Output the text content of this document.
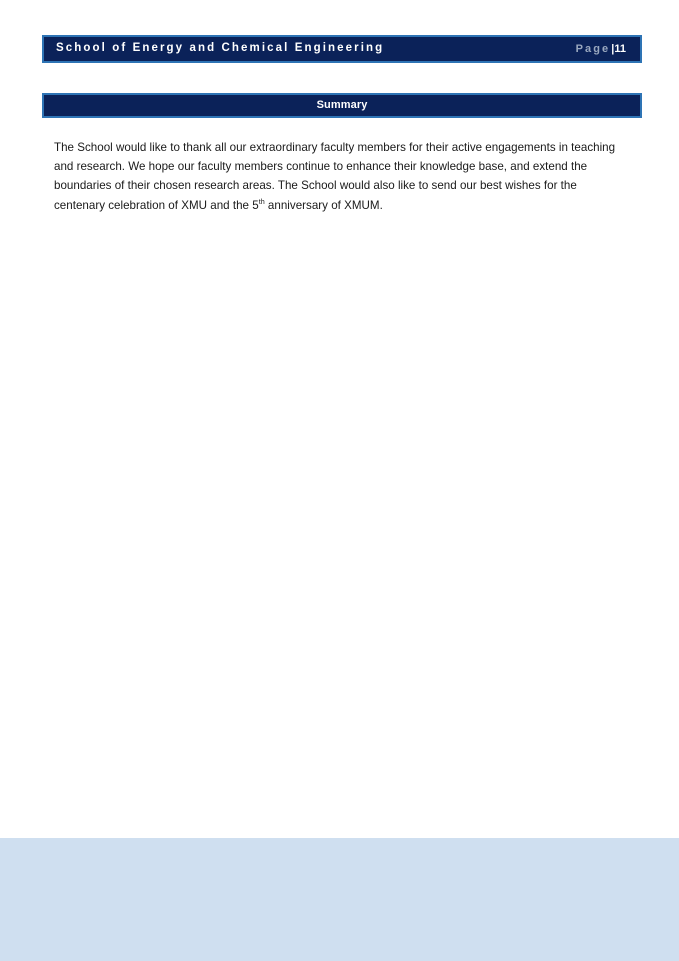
School of Energy and Chemical Engineering	Page|11
Summary

The School would like to thank all our extraordinary faculty members for their active engagements in teaching and research. We hope our faculty members continue to enhance their knowledge base, and extend the boundaries of their chosen research areas. The School would also like to send our best wishes for the centenary celebration of XMU and the 5th anniversary of XMUM.
